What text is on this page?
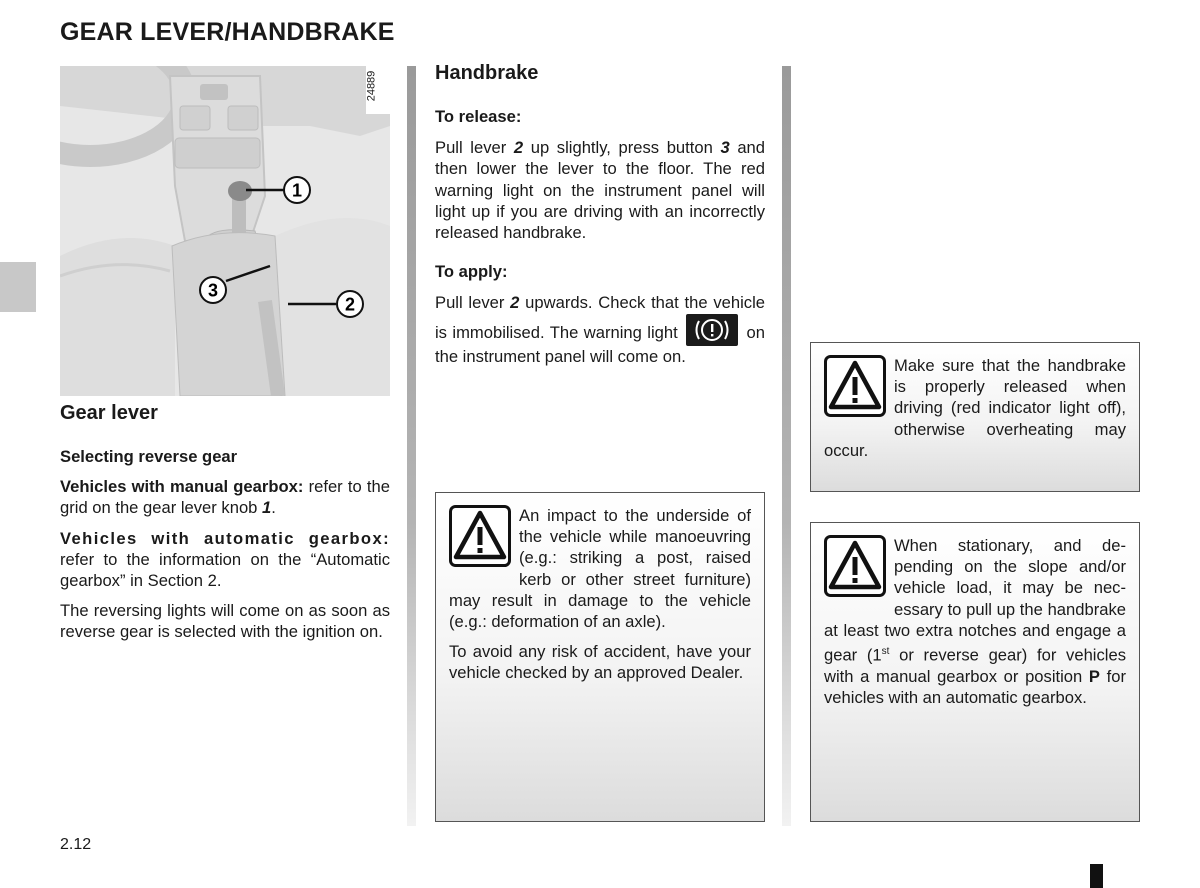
GEAR LEVER/HANDBRAKE
1
3
2
24889
Gear lever

Selecting reverse gear

Vehicles with manual gearbox: refer to the grid on the gear lever knob 1.

Vehicles with automatic gearbox: refer to the information on the “Automatic gearbox” in Section 2.

The reversing lights will come on as soon as reverse gear is selected with the ignition on.

Handbrake

To release:

Pull lever 2 up slightly, press button 3 and then lower the lever to the floor. The red warning light on the instrument panel will light up if you are driving with an incorrectly released handbrake.

To apply:

Pull lever 2 upwards. Check that the vehicle is immobilised. The warning light	on the instrument panel will come on.

An impact to the underside of the vehicle while manoeuvring (e.g.: striking a post, raised kerb or other street furniture) may result in damage to the vehicle (e.g.: deformation of an axle).

To avoid any risk of accident, have your vehicle checked by an approved Dealer.

Make sure that the handbrake is properly released when driving (red indicator light off), otherwise overheating may occur.

When stationary, and depending on the slope and/or vehicle load, it may be necessary to pull up the handbrake at least two extra notches and engage a gear (1st or reverse gear) for vehicles with a manual gearbox or position P for vehicles with an automatic gearbox.

2.12
